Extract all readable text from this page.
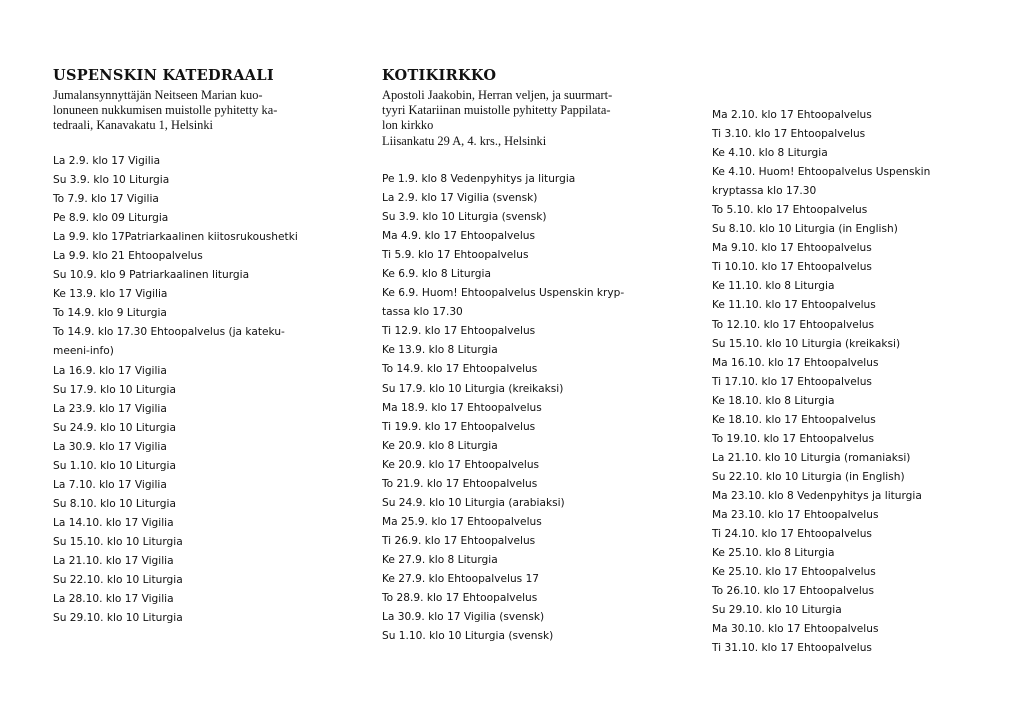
USPENSKIN KATEDRAALI
Jumalansynnyttäjän Neitseen Marian kuo-
lonuneen nukkumisen muistolle pyhitetty ka-
tedraali, Kanavakatu 1, Helsinki
La 2.9. klo 17 Vigilia
Su 3.9. klo 10 Liturgia
To 7.9. klo 17 Vigilia
Pe 8.9. klo 09 Liturgia
La 9.9. klo 17Patriarkaalinen kiitosrukoushetki
La 9.9. klo 21 Ehtoopalvelus
Su 10.9. klo 9 Patriarkaalinen liturgia
Ke 13.9. klo 17 Vigilia
To 14.9. klo 9 Liturgia
To 14.9. klo 17.30 Ehtoopalvelus (ja kateku-
meeni-info)
La 16.9. klo 17 Vigilia
Su 17.9. klo 10 Liturgia
La 23.9. klo 17 Vigilia
Su 24.9. klo 10 Liturgia
La 30.9. klo 17 Vigilia
Su 1.10. klo 10 Liturgia
La 7.10. klo 17 Vigilia
Su 8.10. klo 10 Liturgia
La 14.10. klo 17 Vigilia
Su 15.10. klo 10 Liturgia
La 21.10. klo 17 Vigilia
Su 22.10. klo 10 Liturgia
La 28.10. klo 17 Vigilia
Su 29.10. klo 10 Liturgia
KOTIKIRKKO
Apostoli Jaakobin, Herran veljen, ja suurmart-
tyyri Katariinan muistolle pyhitetty Pappilata-
lon kirkko
Liisankatu 29 A, 4. krs., Helsinki
Pe 1.9. klo 8 Vedenpyhitys ja liturgia
La 2.9. klo 17 Vigilia (svensk)
Su 3.9. klo 10 Liturgia (svensk)
Ma 4.9. klo 17 Ehtoopalvelus
Ti 5.9. klo 17 Ehtoopalvelus
Ke 6.9. klo 8 Liturgia
Ke 6.9. Huom! Ehtoopalvelus Uspenskin kryp-
tassa klo 17.30
Ti 12.9. klo 17 Ehtoopalvelus
Ke 13.9. klo 8 Liturgia
To 14.9. klo 17 Ehtoopalvelus
Su 17.9. klo 10 Liturgia (kreikaksi)
Ma 18.9. klo 17 Ehtoopalvelus
Ti 19.9. klo 17 Ehtoopalvelus
Ke 20.9. klo 8 Liturgia
Ke 20.9. klo 17 Ehtoopalvelus
To 21.9. klo 17 Ehtoopalvelus
Su 24.9. klo 10 Liturgia (arabiaksi)
Ma 25.9. klo 17 Ehtoopalvelus
Ti 26.9. klo 17 Ehtoopalvelus
Ke 27.9. klo 8 Liturgia
Ke 27.9. klo Ehtoopalvelus 17
To 28.9. klo 17 Ehtoopalvelus
La 30.9. klo 17 Vigilia (svensk)
Su 1.10. klo 10 Liturgia (svensk)
Ma 2.10. klo 17 Ehtoopalvelus
Ti 3.10. klo 17 Ehtoopalvelus
Ke 4.10. klo 8 Liturgia
Ke 4.10. Huom! Ehtoopalvelus Uspenskin
kryptassa klo 17.30
To 5.10. klo 17 Ehtoopalvelus
Su 8.10. klo 10 Liturgia (in English)
Ma 9.10. klo 17 Ehtoopalvelus
Ti 10.10. klo 17 Ehtoopalvelus
Ke 11.10. klo 8 Liturgia
Ke 11.10. klo 17 Ehtoopalvelus
To 12.10. klo 17 Ehtoopalvelus
Su 15.10. klo 10 Liturgia (kreikaksi)
Ma 16.10. klo 17 Ehtoopalvelus
Ti 17.10. klo 17 Ehtoopalvelus
Ke 18.10. klo 8 Liturgia
Ke 18.10. klo 17 Ehtoopalvelus
To 19.10. klo 17 Ehtoopalvelus
La 21.10. klo 10 Liturgia (romaniaksi)
Su 22.10. klo 10 Liturgia (in English)
Ma 23.10. klo 8 Vedenpyhitys ja liturgia
Ma 23.10. klo 17 Ehtoopalvelus
Ti 24.10. klo 17 Ehtoopalvelus
Ke 25.10. klo 8 Liturgia
Ke 25.10. klo 17 Ehtoopalvelus
To 26.10. klo 17 Ehtoopalvelus
Su 29.10. klo 10 Liturgia
Ma 30.10. klo 17 Ehtoopalvelus
Ti 31.10. klo 17 Ehtoopalvelus
